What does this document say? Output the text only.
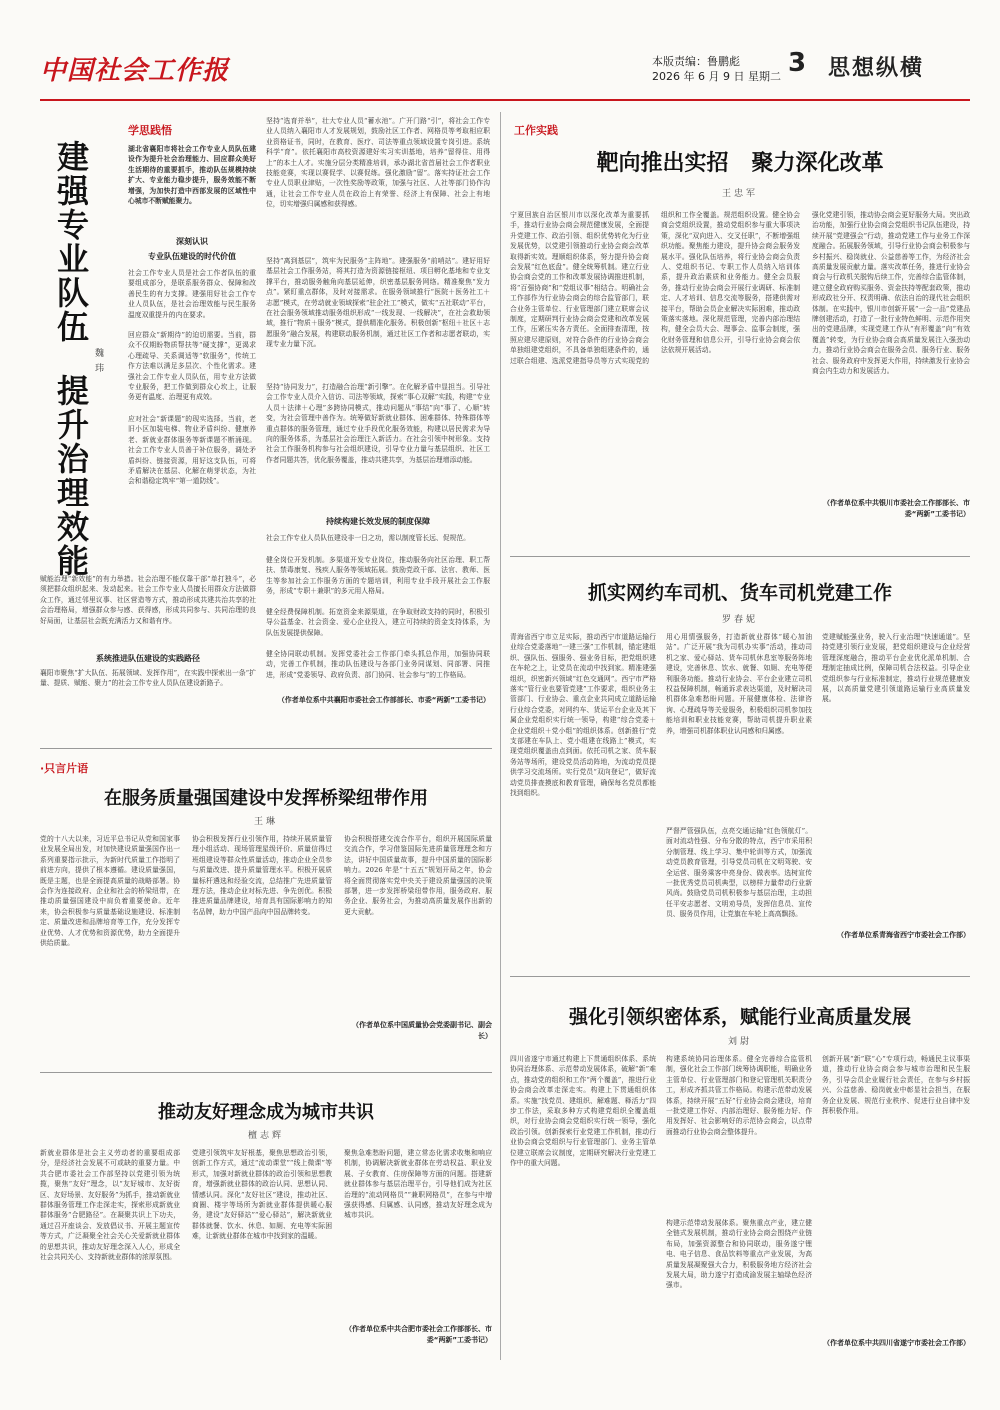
中国社会工作报	本版责编：鲁鹏彪
2026 年 6 月 9 日 星期二 3 思想纵横
学思践悟
建强专业队伍
提升治理效能
魏玮
湖北省襄阳市将社会工作专业人员队伍建设作为提升社会治理能力、回应群众美好生活期待的重要抓手，推动队伍规模持续扩大、专业能力稳步提升，服务效能不断增强，为加快打造中西部发展的区域性中心城市不断赋能聚力。
深刻认识
专业队伍建设的时代价值
社会工作专业人员是社会工作者队伍的重要组成部分，是联系服务群众、保障和改善民生的有力支撑。建强用好社会工作专业人员队伍，是社会治理效能与民生服务温度双重提升的内在要求。
回应群众“新期待”的迫切需要。当前，群众不仅期盼物质帮扶等“硬支撑”，更渴求心理疏导、关系调适等“软服务”，传统工作方法难以满足多层次、个性化需求。建强社会工作专业人员队伍，用专业方法做专业服务，把工作做到群众心坎上，让服务更有温度、治理更有成效。
应对社会“新课题”的现实选择。当前，老旧小区加装电梯、物业矛盾纠纷、健康养老、新就业群体服务等新课题不断涌现。社会工作专业人员善于补位服务，调处矛盾纠纷、链接资源，用好这支队伍，可将矛盾解决在基层、化解在萌芽状态，为社会和谐稳定筑牢“第一道防线”。
赋能治理“新效能”的有力举措。社会治理不能仅靠干部“单打独斗”，必须把群众组织起来、发动起来。社会工作专业人员擅长用群众方法做群众工作，通过邻里议事、社区营造等方式，推动形成共建共治共享的社会治理格局，增强群众参与感、获得感，形成共同参与、共同治理的良好局面，让基层社会既充满活力又和谐有序。
系统推进队伍建设的实践路径
襄阳市聚焦“扩大队伍、拓展领域、发挥作用”，在实践中探索出一条“扩量、提质、赋能、聚力”的社会工作专业人员队伍建设新路子。
坚持“选育并举”，壮大专业人员“蓄水池”。广开门路“引”，将社会工作专业人员纳入襄阳市人才发展规划，鼓励社区工作者、网格员等考取相应职业资格证书，同时，在教育、医疗、司法等重点领域设置专岗引进。系统科学“育”。依托襄阳市高校资源建好实习实训基地，培养“留得住、用得上”的本土人才。实施分层分类精准培训，承办湖北省首届社会工作者职业技能竞赛，实现以赛促学、以赛促练。强化激励“留”。落实持证社会工作专业人员职业津贴，一次性奖励等政策，加强与社区、人社等部门协作沟通，让社会工作专业人员在政治上有荣誉、经济上有保障、社会上有地位，切实增强归属感和获得感。
坚持“离到基层”，筑牢为民服务“主阵地”。建强服务“前哨站”。建好用好基层社会工作服务站，将其打造为资源链接枢纽、项目孵化基地和专业支撑平台，推动服务触角向基层延伸，织密基层服务网络。精准聚焦“发力点”。紧盯重点群体，及时对接需求。在服务领域推行“医院＋医务社工＋志愿”模式，在劳动就业领域探索“驻企社工”模式，做实“五社联动”平台，在社会服务领域推动服务组织形成“一线发现、一线解决”，在社会救助领域，推行“物质＋服务”模式，提供精准化服务。积极创新“枢纽＋社区＋志愿服务”融合发展，构建联动服务机制，通过社区工作者和志愿者联动，实现专业力量下沉。
坚持“协同发力”，打造融合治理“新引擎”。在化解矛盾中显担当。引导社会工作专业人员介入信访、司法等领域，探索“事心双解”实践，构建“专业人员＋法律＋心理”多跨协同模式，推动问题从“事结”向“事了、心顺”转变，为社会管理中善作为。统筹做好新就业群体、困难群体、特殊群体等重点群体的服务管理，通过专业手段优化服务效能，构建以居民需求为导向的服务体系，为基层社会治理注入新活力。在社会引领中树形象。支持社会工作服务机构参与社会组织建设，引导专业力量与基层组织、社区工作者同题共答，优化服务覆盖，推动共建共享，为基层治理增添动能。
持续构建长效发展的制度保障
社会工作专业人员队伍建设非一日之功，需以制度管长远、促规范。
健全岗位开发机制。多渠道开发专业岗位，推动服务向社区治理、职工帮扶、禁毒康复、残疾人服务等领域拓展。鼓励党政干部、法官、教师、医生等参加社会工作服务方面的专题培训，利用专业手段开展社会工作服务，形成“专职＋兼职”的多元用人格局。
健全经费保障机制。拓宽资金来源渠道，在争取财政支持的同时，积极引导公益基金、社会资金、爱心企业投入，建立可持续的资金支持体系，为队伍发展提供保障。
健全协同联动机制。发挥党委社会工作部门牵头抓总作用，加强协同联动，完善工作机制，推动队伍建设与各部门业务同谋划、同部署、同推进，形成“党委领导、政府负责、部门协同、社会参与”的工作格局。
（作者单位系中共襄阳市委社会工作部部长、市委“两新”工委书记）
·只言片语
在服务质量强国建设中发挥桥梁纽带作用
王琳
党的十八大以来，习近平总书记从党和国家事业发展全局出发，对加快建设质量强国作出一系列重要指示批示，为新时代质量工作指明了前进方向，提供了根本遵循。建设质量强国，既是主题，也是全面提高质量的战略部署。协会作为连接政府、企业和社会的桥梁纽带，在推动质量强国建设中肩负着重要使命。近年来，协会积极参与质量基础设施建设、标准制定、质量改进和品牌培育等工作，充分发挥专业优势、人才优势和资源优势，助力全面提升供给质量。
协会积极发挥行业引领作用，持续开展质量管理小组活动、现场管理星级评价、质量信得过班组建设等群众性质量活动，推动企业全员参与质量改进、提升质量管理水平。积极开展质量标杆遴选和经验交流，总结推广先进质量管理方法，推动企业对标先进、争先创优。积极推进质量品牌建设，培育具有国际影响力的知名品牌，助力中国产品向中国品牌转变。
协会积极搭建交流合作平台，组织开展国际质量交流合作，学习借鉴国际先进质量管理理念和方法，讲好中国质量故事，提升中国质量的国际影响力。2026 年是“十五五”规划开局之年，协会将全面贯彻落实党中央关于建设质量强国的决策部署，进一步发挥桥梁纽带作用，服务政府、服务企业、服务社会，为推动高质量发展作出新的更大贡献。
（作者单位系中国质量协会党委副书记、副会长）
推动友好理念成为城市共识
檀志辉
新就业群体是社会主义劳动者的重要组成部分，是经济社会发展不可或缺的重要力量。中共合肥市委社会工作部坚持以党建引领为统揽，聚焦“友好”理念，以“友好城市、友好街区、友好场景、友好服务”为抓手，推动新就业群体服务管理工作走深走实，探索形成新就业群体服务“合肥路径”。在凝聚共识上下功夫，通过召开座谈会、发放倡议书、开展主题宣传等方式，广泛凝聚全社会关心关爱新就业群体的思想共识，推动友好理念深入人心，形成全社会共同关心、支持新就业群体的浓厚氛围。
党建引领筑牢友好根基，聚焦思想政治引领，创新工作方式，通过“流动课堂”“线上微课”等形式，加强对新就业群体的政治引领和思想教育，增强新就业群体的政治认同、思想认同、情感认同。深化“友好社区”建设，推动社区、商圈、楼宇等场所为新就业群体提供暖心服务，建设“友好驿站”“爱心驿站”，解决新就业群体就餐、饮水、休息、如厕、充电等实际困难，让新就业群体在城市中找到家的温暖。
聚焦急难愁盼问题，建立常态化需求收集和响应机制，协调解决新就业群体在劳动权益、职业发展、子女教育、住房保障等方面的问题。搭建新就业群体参与基层治理平台，引导他们成为社区治理的“流动网格员”“兼职网格员”，在参与中增强获得感、归属感、认同感，推动友好理念成为城市共识。
（作者单位系中共合肥市委社会工作部部长、市委“两新”工委书记）
工作实践
靶向推出实招   聚力深化改革
王忠军
宁夏回族自治区银川市以深化改革为重要抓手，推动行业协会商会规范健康发展，全面提升党建工作、政治引领、组织优势转化为行业发展优势，以党建引领推动行业协会商会改革取得新实效。理顺组织体系，努力提升协会商会发展“红色底盘”。健全统筹机制。建立行业协会商会党的工作和改革发展协调推进机制，将“百强协商”和“党组议事”相结合。明确社会工作部作为行业协会商会的综合监管部门，联合业务主管单位、行业管理部门建立联席会议制度，定期研判行业协会商会党建和改革发展工作，压紧压实各方责任。全面排查清理，按照应建尽建原则，对符合条件的行业协会商会单独组建党组织，不具备单独组建条件的，通过联合组建、选派党建指导员等方式实现党的组织和工作全覆盖。规范组织设置。健全协会商会党组织设置，推动党组织参与重大事项决策，深化“双向进入、交叉任职”，不断增强组织功能。聚焦能力建设，提升协会商会服务发展水平。强化队伍培养，将行业协会商会负责人、党组织书记、专职工作人员纳入培训体系，提升政治素质和业务能力。健全会员服务，推动行业协会商会开展行业调研、标准制定、人才培训、信息交流等服务，搭建供需对接平台，帮助会员企业解决实际困难，推动政策落实落地。深化规范管理，完善内部治理结构，健全会员大会、理事会、监事会制度，强化财务管理和信息公开，引导行业协会商会依法依规开展活动。
强化党建引领，推动协会商会更好服务大局。突出政治功能，加强行业协会商会党组织书记队伍建设，持续开展“党建强会”行动，推动党建工作与业务工作深度融合。拓展服务领域，引导行业协会商会积极参与乡村振兴、稳岗就业、公益慈善等工作，为经济社会高质量发展贡献力量。落实改革任务，推进行业协会商会与行政机关脱钩后续工作，完善综合监管体制，建立健全政府购买服务、资金扶持等配套政策，推动形成政社分开、权责明确、依法自治的现代社会组织体制。在实践中，银川市创新开展“一会一品”党建品牌创建活动，打造了一批行业特色鲜明、示范作用突出的党建品牌，实现党建工作从“有形覆盖”向“有效覆盖”转变，为行业协会商会高质量发展注入强劲动力，推动行业协会商会在服务会员、服务行业、服务社会、服务政府中发挥更大作用，持续激发行业协会商会内生动力和发展活力。
（作者单位系中共银川市委社会工作部部长、市委“两新”工委书记）
抓实网约车司机、货车司机党建工作
罗春妮
青海省西宁市立足实际，推动西宁市道路运输行业综合党委落地“一建三强”工作机制，锚定建组织、强队伍、强服务、强业务目标，把党组织建在车轮之上，让党员在流动中找到家。精准建强组织，织密新兴领域“红色交通网”。西宁市严格落实“管行业也要管党建”工作要求，组织业务主管部门、行业协会、重点企业共同成立道路运输行业综合党委，对网约车、货运平台企业及其下属企业党组织实行统一领导，构建“综合党委＋企业党组织＋党小组”的组织体系。创新推行“党支部建在车队上、党小组建在线路上”模式，实现党组织覆盖由点到面。依托司机之家、货车服务站等场所，建设党员活动阵地，为流动党员提供学习交流场所。实行党员“双向登记”，做好流动党员排查摸底和教育管理，确保每名党员都能找到组织。
用心用情强服务，打造新就业群体“暖心加油站”。广泛开展“我为司机办实事”活动，推动司机之家、爱心驿站、货车司机休息室等服务阵地建设，完善休息、饮水、就餐、如厕、充电等便利服务功能。推动行业协会、平台企业建立司机权益保障机制，畅通诉求表达渠道，及时解决司机群体急难愁盼问题。开展健康体检、法律咨询、心理疏导等关爱服务，积极组织司机参加技能培训和职业技能竞赛，帮助司机提升职业素养，增强司机群体职业认同感和归属感。
严督严管强队伍，点亮交通运输“红色领航灯”。面对流动性强、分布分散的特点，西宁市采用积分制管理、线上学习、集中轮训等方式，加强流动党员教育管理，引导党员司机在文明驾驶、安全运营、服务乘客中亮身份、做表率。选树宣传一批优秀党员司机典型，以榜样力量带动行业新风尚。鼓励党员司机积极参与基层治理，主动担任平安志愿者、文明劝导员，发挥信息员、宣传员、服务员作用，让党旗在车轮上高高飘扬。
党建赋能强业务，驶入行业治理“快速通道”。坚持党建引领行业发展，把党组织建设与企业经营管理深度融合，推动平台企业优化派单机制、合理制定抽成比例，保障司机合法权益。引导企业党组织参与行业标准制定，推动行业规范健康发展，以高质量党建引领道路运输行业高质量发展。
（作者单位系青海省西宁市委社会工作部）
强化引领织密体系，赋能行业高质量发展
刘尉
四川省遂宁市通过构建上下贯通组织体系、系统协同治理体系、示范带动发展体系，破解“新”难点，推动党的组织和工作“两个覆盖”，推进行业协会商会改革走深走实。构建上下贯通组织体系。实施“找党员、建组织、解难题、释活力”四步工作法，采取多种方式构建党组织全覆盖组织，对行业协会商会党组织实行统一领导，强化政治引领。创新探索行业党建工作机制，推动行业协会商会党组织与行业管理部门、业务主管单位建立联席会议制度，定期研究解决行业党建工作中的重大问题。
构建系统协同治理体系。健全完善综合监管机制，强化社会工作部门统筹协调职能，明确业务主管单位、行业管理部门和登记管理机关职责分工，形成齐抓共管工作格局。构建示范带动发展体系，持续开展“五好”行业协会商会建设，培育一批党建工作好、内部治理好、服务能力好、作用发挥好、社会影响好的示范协会商会，以点带面推动行业协会商会整体提升。
构建示范带动发展体系。聚焦重点产业，建立健全链式发展机制，推动行业协会商会围绕产业链布局，加强资源整合和协同联动，服务遂宁锂电、电子信息、食品饮料等重点产业发展，为高质量发展凝聚强大合力，积极服务地方经济社会发展大局，助力遂宁打造成渝发展主轴绿色经济强市。
创新开展“新”联“心”专项行动，畅通民主议事渠道，推动行业协会商会参与城市治理和民生服务，引导会员企业履行社会责任，在参与乡村振兴、公益慈善、稳岗就业中彰显社会担当，在服务企业发展、规范行业秩序、促进行业自律中发挥积极作用。
（作者单位系中共四川省遂宁市委社会工作部）
